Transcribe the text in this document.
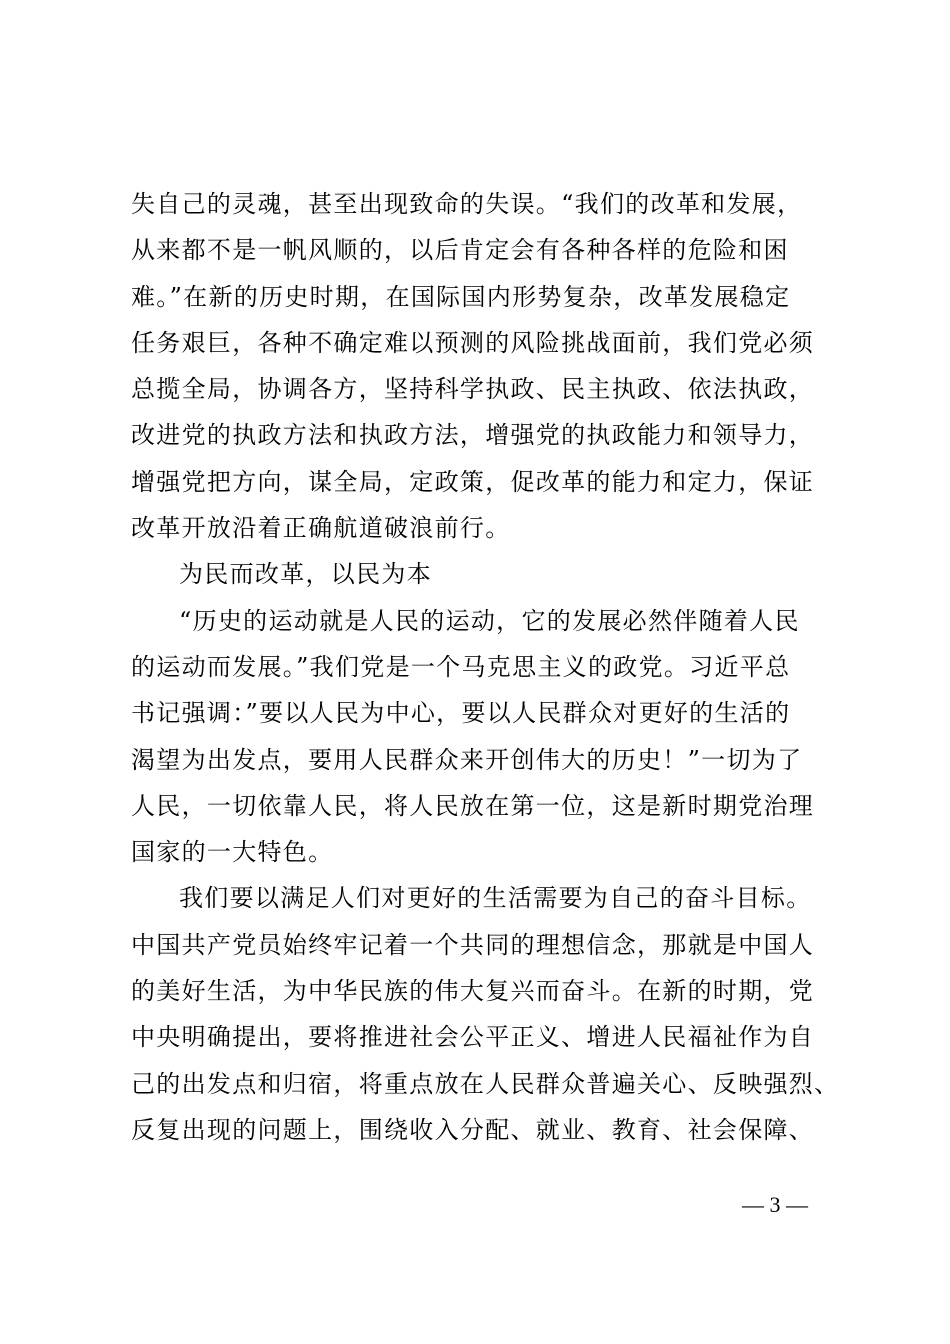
失自己的灵魂，甚至出现致命的失误。“我们的改革和发展，
从来都不是一帆风顺的，以后肯定会有各种各样的危险和困
难。”在新的历史时期，在国际国内形势复杂，改革发展稳定
任务艰巨，各种不确定难以预测的风险挑战面前，我们党必须
总揽全局，协调各方，坚持科学执政、民主执政、依法执政，
改进党的执政方法和执政方法，增强党的执政能力和领导力，
增强党把方向，谋全局，定政策，促改革的能力和定力，保证
改革开放沿着正确航道破浪前行。
为民而改革，以民为本
“历史的运动就是人民的运动，它的发展必然伴随着人民
的运动而发展。”我们党是一个马克思主义的政党。习近平总
书记强调：”要以人民为中心，要以人民群众对更好的生活的
渴望为出发点，要用人民群众来开创伟大的历史！”一切为了
人民，一切依靠人民，将人民放在第一位，这是新时期党治理
国家的一大特色。
我们要以满足人们对更好的生活需要为自己的奋斗目标。
中国共产党员始终牢记着一个共同的理想信念，那就是中国人
的美好生活，为中华民族的伟大复兴而奋斗。在新的时期，党
中央明确提出，要将推进社会公平正义、增进人民福祉作为自
己的出发点和归宿，将重点放在人民群众普遍关心、反映强烈、
反复出现的问题上，围绕收入分配、就业、教育、社会保障、
— 3 —
